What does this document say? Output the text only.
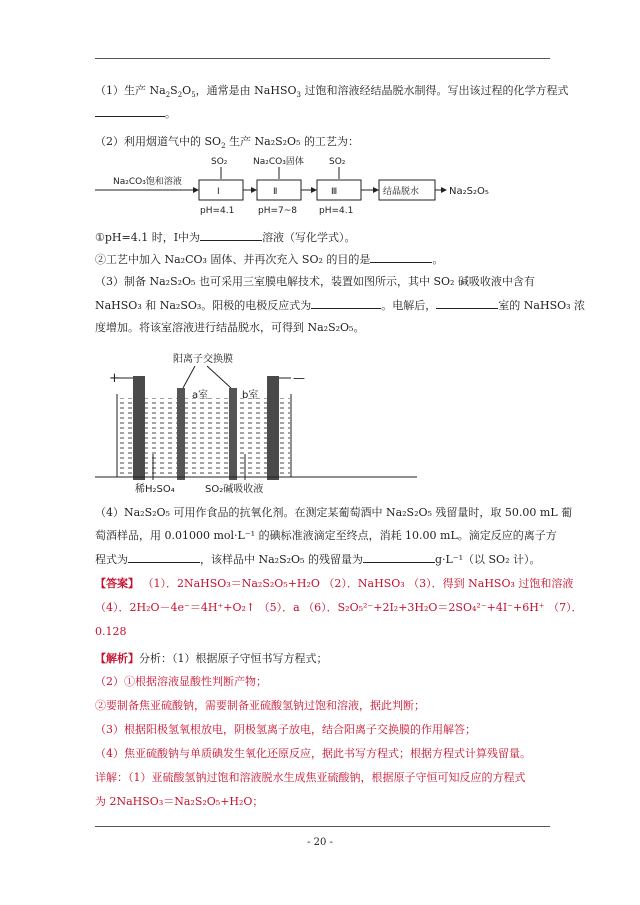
（1）生产 $Na_2S_2O_5$，通常是由 NaHSO$_3$ 过饱和溶液经结晶脱水制得。写出该过程的化学方程式
。
（2）利用烟道气中的 $SO_2$ 生产 Na₂S₂O₅ 的工艺为：
Na₂CO₃饱和溶液
Ⅰ
SO₂
pH=4.1
Ⅱ
Na₂CO₃固体
pH=7~8
Ⅲ
SO₂
pH=4.1
结晶脱水	Na₂S₂O₅
①pH=4.1 时，Ⅰ中为	溶液（写化学式）。
②工艺中加入 Na₂CO₃ 固体、并再次充入 SO₂ 的目的是	。
（3）制备 Na₂S₂O₅ 也可采用三室膜电解技术，装置如图所示，其中 SO₂ 碱吸收液中含有
NaHSO₃ 和 Na₂SO₃。阳极的电极反应式为	。电解后，	室的 NaHSO₃ 浓
度增加。将该室溶液进行结晶脱水，可得到 Na₂S₂O₅。
+
阳离子交换膜
a室	b室
—
稀H₂SO₄	SO₂碱吸收液
（4）Na₂S₂O₅ 可用作食品的抗氧化剂。在测定某葡萄酒中 Na₂S₂O₅ 残留量时，取 50.00 mL 葡
萄酒样品，用 0.01000 mol·L⁻¹ 的碘标准液滴定至终点，消耗 10.00 mL。滴定反应的离子方
程式为	，该样品中 Na₂S₂O₅ 的残留量为	g·L⁻¹（以 SO₂ 计）。
【答案】 （1）．2NaHSO₃＝Na₂S₂O₅+H₂O （2）．NaHSO₃ （3）．得到 NaHSO₃ 过饱和溶液
（4）．2H₂O－4e⁻＝4H⁺+O₂↑ （5）．a （6）．S₂O₅²⁻+2I₂+3H₂O＝2SO₄²⁻+4I⁻+6H⁺ （7）．
0.128
【解析】分析：（1）根据原子守恒书写方程式；
（2）①根据溶液显酸性判断产物；
②要制备焦亚硫酸钠，需要制备亚硫酸氢钠过饱和溶液，据此判断；
（3）根据阳极氢氧根放电，阴极氢离子放电，结合阳离子交换膜的作用解答；
（4）焦亚硫酸钠与单质碘发生氧化还原反应，据此书写方程式；根据方程式计算残留量。
详解：（1）亚硫酸氢钠过饱和溶液脱水生成焦亚硫酸钠，根据原子守恒可知反应的方程式
为 2NaHSO₃＝Na₂S₂O₅+H₂O；
- 20 -
